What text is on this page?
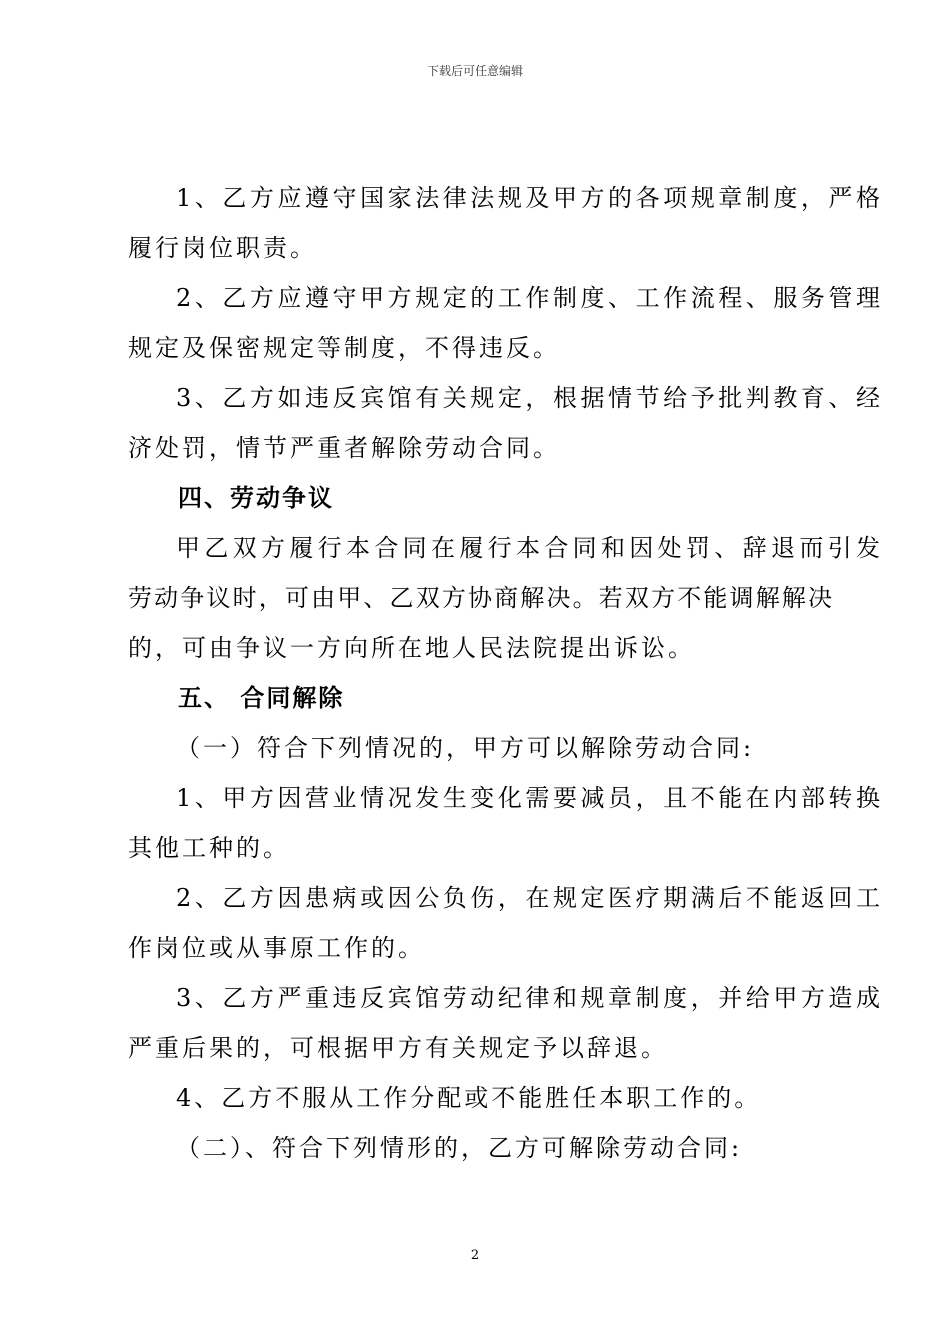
下载后可任意编辑
1、乙方应遵守国家法律法规及甲方的各项规章制度，严格
履行岗位职责。
2、乙方应遵守甲方规定的工作制度、工作流程、服务管理
规定及保密规定等制度，不得违反。
3、乙方如违反宾馆有关规定，根据情节给予批判教育、经
济处罚，情节严重者解除劳动合同。
四、劳动争议
甲乙双方履行本合同在履行本合同和因处罚、辞退而引发
劳动争议时，可由甲、乙双方协商解决。若双方不能调解解决
的，可由争议一方向所在地人民法院提出诉讼。
五、 合同解除
（一）符合下列情况的，甲方可以解除劳动合同:
1、甲方因营业情况发生变化需要减员，且不能在内部转换
其他工种的。
2、乙方因患病或因公负伤，在规定医疗期满后不能返回工
作岗位或从事原工作的。
3、乙方严重违反宾馆劳动纪律和规章制度，并给甲方造成
严重后果的，可根据甲方有关规定予以辞退。
4、乙方不服从工作分配或不能胜任本职工作的。
（二）、符合下列情形的，乙方可解除劳动合同:
2
